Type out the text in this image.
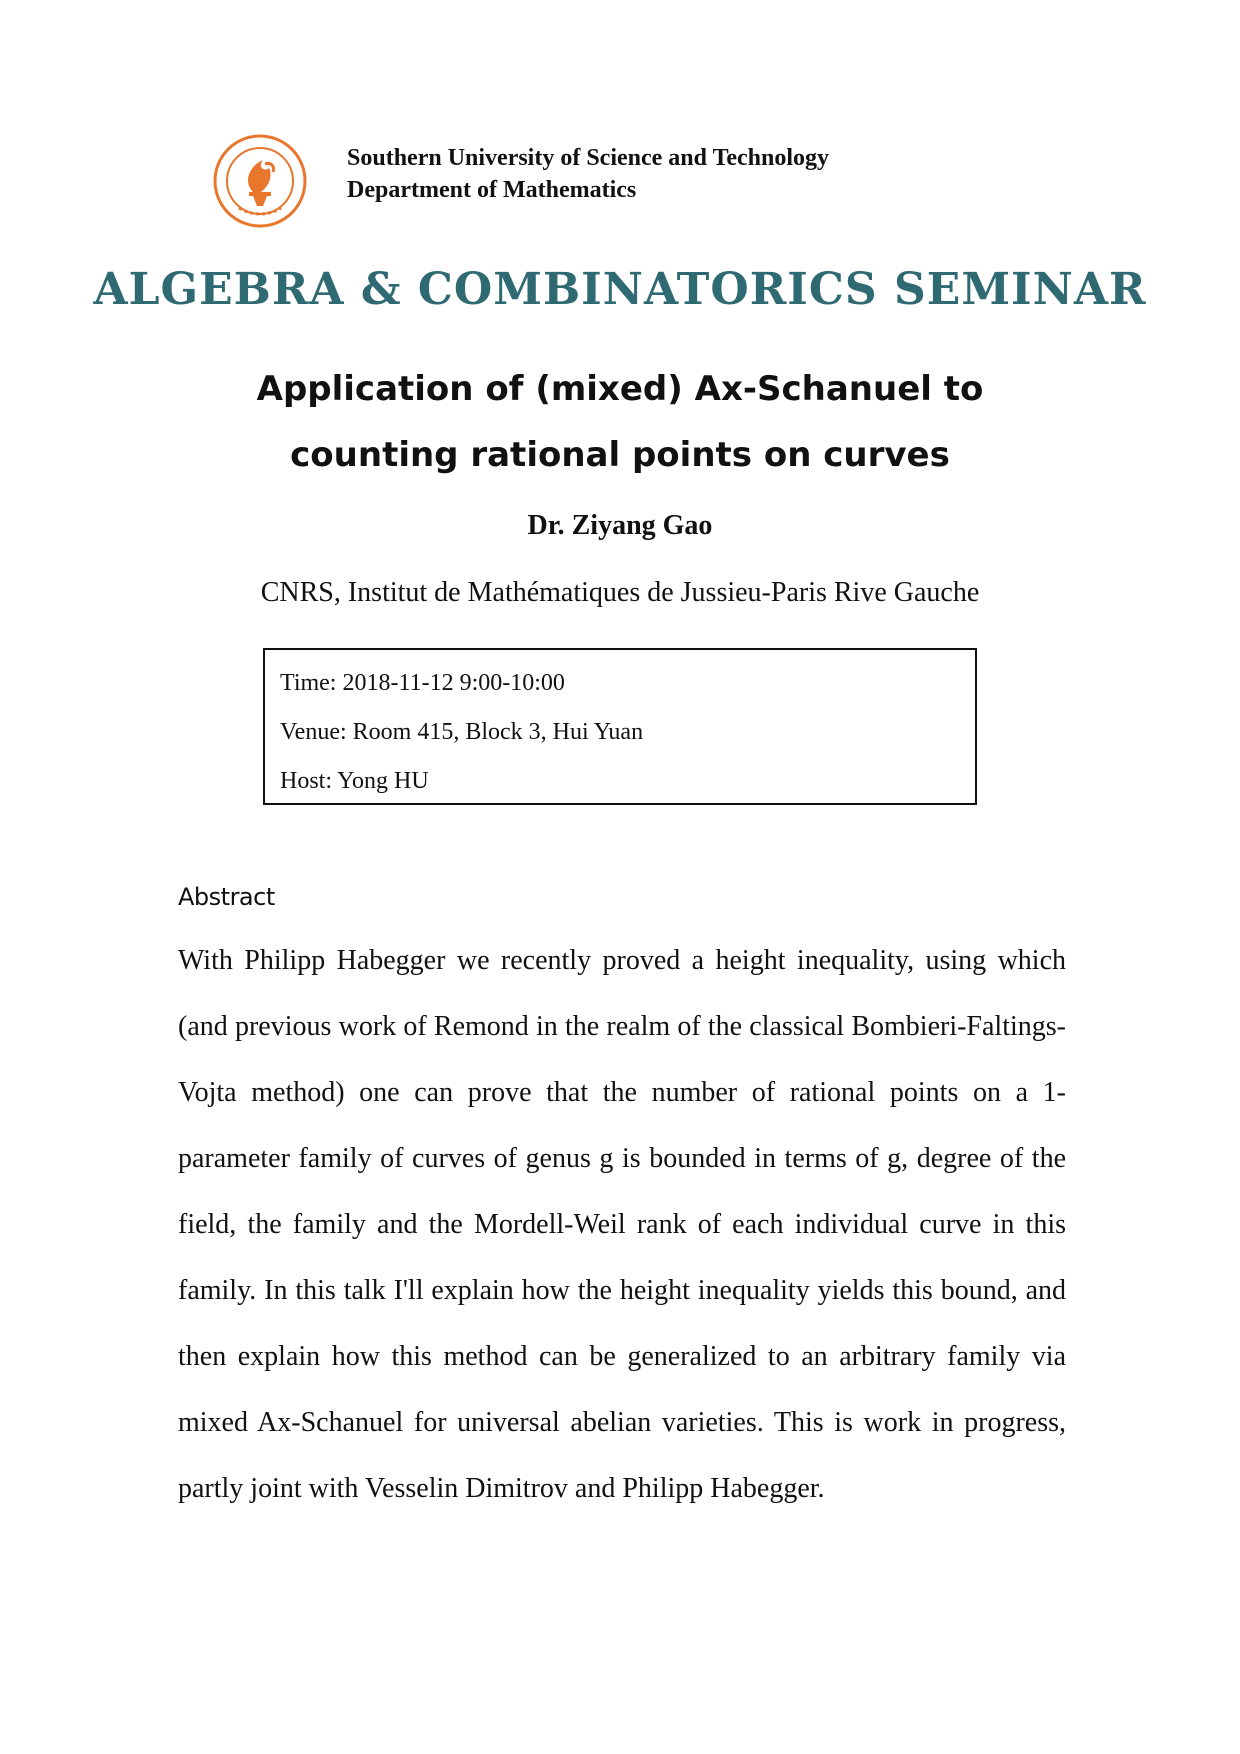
Southern University of Science and Technology
Department of Mathematics
ALGEBRA & COMBINATORICS SEMINAR
Application of (mixed) Ax-Schanuel to counting rational points on curves
Dr. Ziyang Gao
CNRS, Institut de Mathématiques de Jussieu-Paris Rive Gauche
Time: 2018-11-12 9:00-10:00
Venue: Room 415, Block 3, Hui Yuan
Host: Yong HU
Abstract
With Philipp Habegger we recently proved a height inequality, using which (and previous work of Remond in the realm of the classical Bombieri-Faltings- Vojta method) one can prove that the number of rational points on a 1-parameter family of curves of genus g is bounded in terms of g, degree of the field, the family and the Mordell-Weil rank of each individual curve in this family. In this talk I'll explain how the height inequality yields this bound, and then explain how this method can be generalized to an arbitrary family via mixed Ax-Schanuel for universal abelian varieties. This is work in progress, partly joint with Vesselin Dimitrov and Philipp Habegger.
